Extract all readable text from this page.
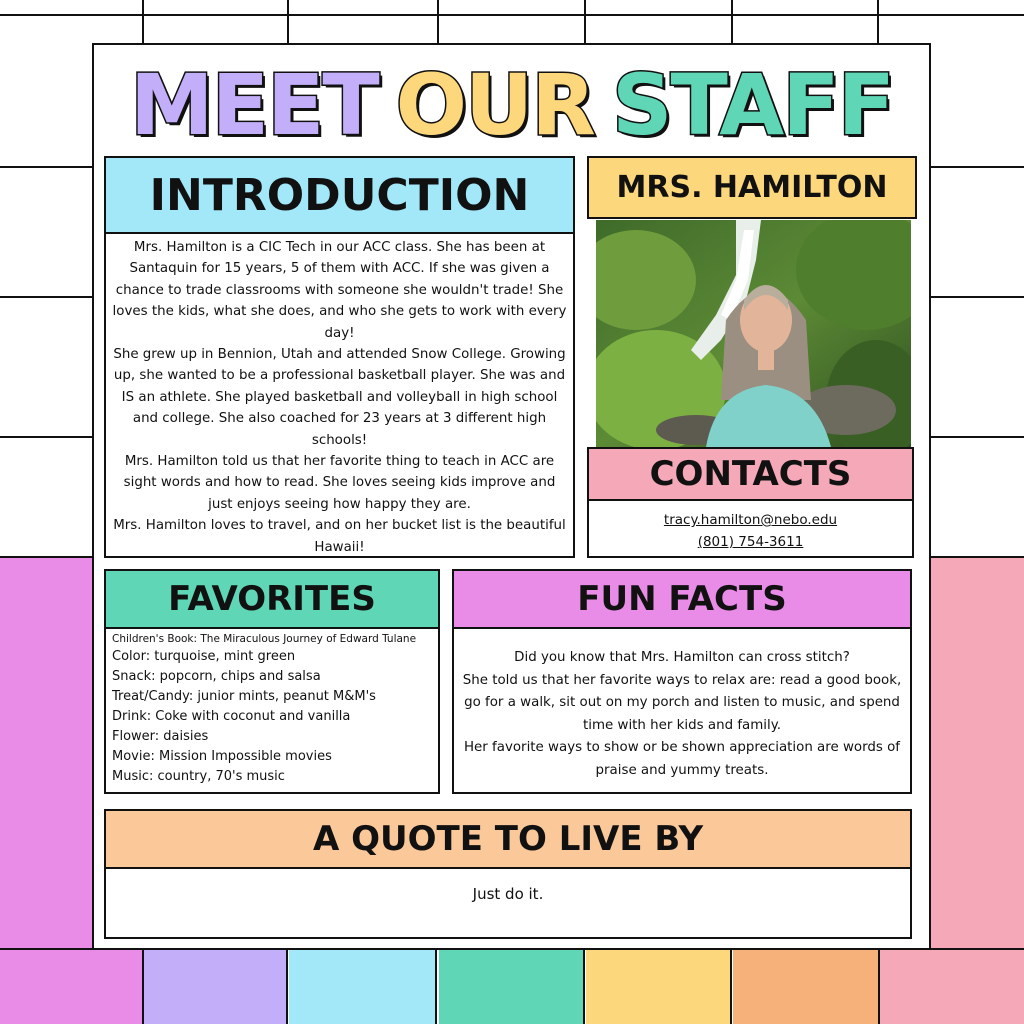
MEET OUR STAFF
INTRODUCTION

Mrs. Hamilton is a CIC Tech in our ACC class. She has been at Santaquin for 15 years, 5 of them with ACC. If she was given a chance to trade classrooms with someone she wouldn't trade! She loves the kids, what she does, and who she gets to work with every day!

She grew up in Bennion, Utah and attended Snow College. Growing up, she wanted to be a professional basketball player. She was and IS an athlete. She played basketball and volleyball in high school and college. She also coached for 23 years at 3 different high schools!

Mrs. Hamilton told us that her favorite thing to teach in ACC are sight words and how to read. She loves seeing kids improve and just enjoys seeing how happy they are.

Mrs. Hamilton loves to travel, and on her bucket list is the beautiful Hawaii!

MRS. HAMILTON
CONTACTS
tracy.hamilton@nebo.edu
(801) 754-3611
FAVORITES
Children's Book: The Miraculous Journey of Edward Tulane
Color: turquoise, mint green
Snack: popcorn, chips and salsa
Treat/Candy: junior mints, peanut M&M's
Drink: Coke with coconut and vanilla
Flower: daisies
Movie: Mission Impossible movies
Music: country, 70's music
FUN FACTS

Did you know that Mrs. Hamilton can cross stitch?

She told us that her favorite ways to relax are: read a good book, go for a walk, sit out on my porch and listen to music, and spend time with her kids and family.

Her favorite ways to show or be shown appreciation are words of praise and yummy treats.

A QUOTE TO LIVE BY
Just do it.
